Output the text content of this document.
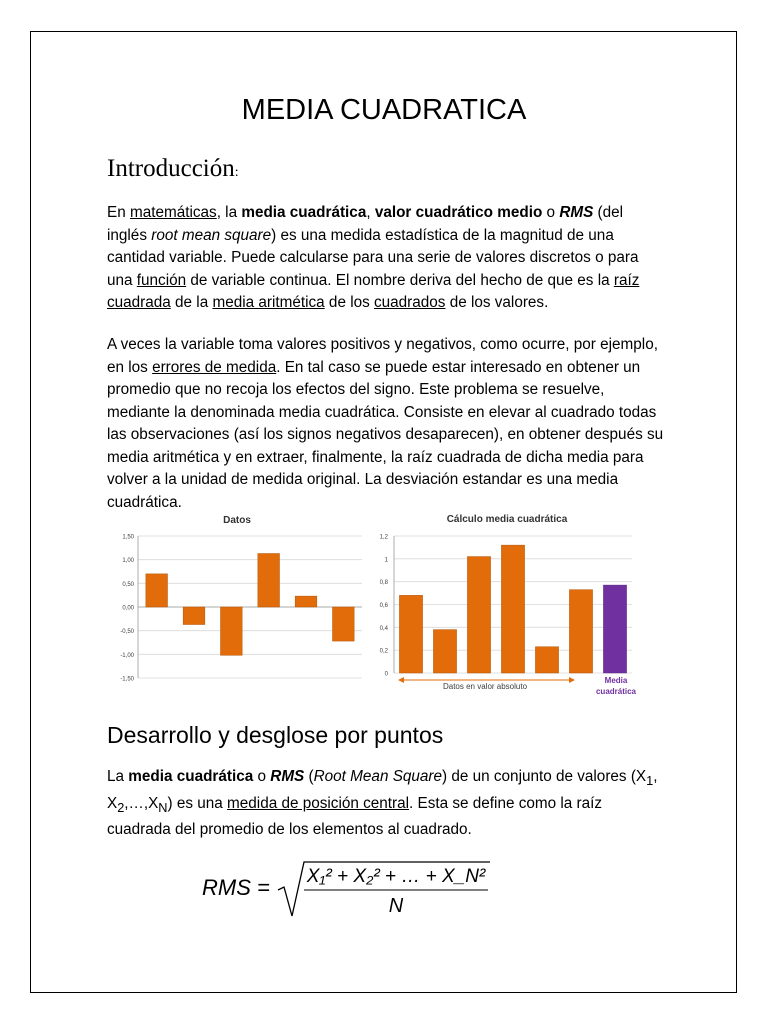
MEDIA CUADRATICA
Introducción:
En matemáticas, la media cuadrática, valor cuadrático medio o RMS (del inglés root mean square) es una medida estadística de la magnitud de una cantidad variable. Puede calcularse para una serie de valores discretos o para una función de variable continua. El nombre deriva del hecho de que es la raíz cuadrada de la media aritmética de los cuadrados de los valores.
A veces la variable toma valores positivos y negativos, como ocurre, por ejemplo, en los errores de medida. En tal caso se puede estar interesado en obtener un promedio que no recoja los efectos del signo. Este problema se resuelve, mediante la denominada media cuadrática. Consiste en elevar al cuadrado todas las observaciones (así los signos negativos desaparecen), en obtener después su media aritmética y en extraer, finalmente, la raíz cuadrada de dicha media para volver a la unidad de medida original. La desviación estandar es una media cuadrática.
Datos
1,50
1,00
0,50
0,00
-0,50
-1,00
-1,50
Cálculo media cuadrática
1,2
1
0,8
0,6
0,4
0,2
0
Datos en valor absoluto
Media
cuadrática
Desarrollo y desglose por puntos
La media cuadrática o RMS (Root Mean Square) de un conjunto de valores ($X_1$, $X_2,\dots,X_N$) es una medida de posición central. Esta se define como la raíz cuadrada del promedio de los elementos al cuadrado.
RMS = X₁² + X₂² + … + X_N²
N
